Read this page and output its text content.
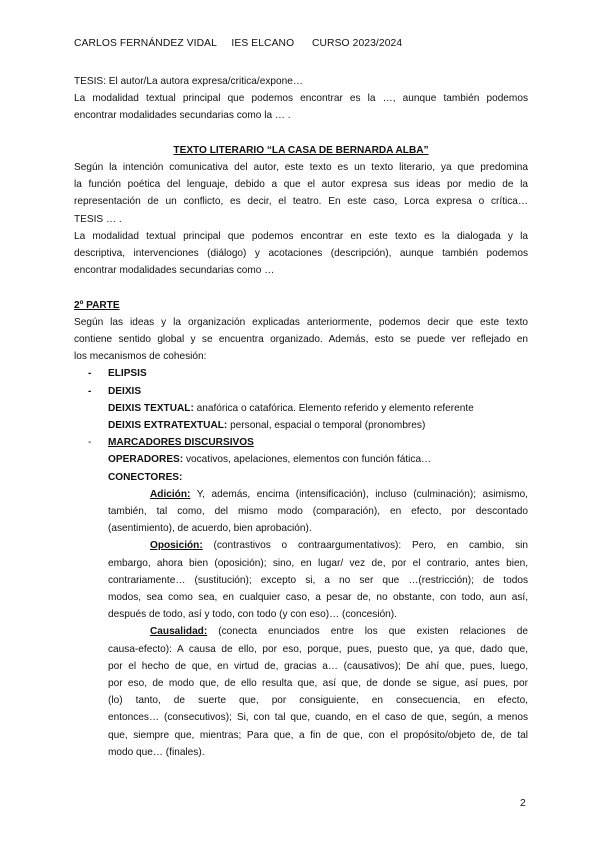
CARLOS FERNÁNDEZ VIDAL IES ELCANO CURSO 2023/2024

TESIS: El autor/La autora expresa/critica/expone…

La modalidad textual principal que podemos encontrar es la …, aunque también podemos

encontrar modalidades secundarias como la … .

TEXTO LITERARIO “LA CASA DE BERNARDA ALBA”

Según la intención comunicativa del autor, este texto es un texto literario, ya que predomina

la función poética del lenguaje, debido a que el autor expresa sus ideas por medio de la

representación de un conflicto, es decir, el teatro. En este caso, Lorca expresa o crítica…

TESIS … .

La modalidad textual principal que podemos encontrar en este texto es la dialogada y la

descriptiva, intervenciones (diálogo) y acotaciones (descripción), aunque también podemos

encontrar modalidades secundarias como …

2º PARTE

Según las ideas y la organización explicadas anteriormente, podemos decir que este texto

contiene sentido global y se encuentra organizado. Además, esto se puede ver reflejado en

los mecanismos de cohesión:

- ELIPSIS

- DEIXIS

DEIXIS TEXTUAL: anafórica o catafórica. Elemento referido y elemento referente

DEIXIS EXTRATEXTUAL: personal, espacial o temporal (pronombres)

- MARCADORES DISCURSIVOS

OPERADORES: vocativos, apelaciones, elementos con función fática…

CONECTORES:

Adición: Y, además, encima (intensificación), incluso (culminación); asimismo,

también, tal como, del mismo modo (comparación), en efecto, por descontado

(asentimiento), de acuerdo, bien aprobación).

Oposición: (contrastivos o contraargumentativos): Pero, en cambio, sin

embargo, ahora bien (oposición); sino, en lugar/ vez de, por el contrario, antes bien,

contrariamente… (sustitución); excepto si, a no ser que …(restricción); de todos

modos, sea como sea, en cualquier caso, a pesar de, no obstante, con todo, aun así,

después de todo, así y todo, con todo (y con eso)… (concesión).

Causalidad: (conecta enunciados entre los que existen relaciones de

causa-efecto): A causa de ello, por eso, porque, pues, puesto que, ya que, dado que,

por el hecho de que, en virtud de, gracias a… (causativos); De ahí que, pues, luego,

por eso, de modo que, de ello resulta que, así que, de donde se sigue, así pues, por

(lo) tanto, de suerte que, por consiguiente, en consecuencia, en efecto,

entonces… (consecutivos); Si, con tal que, cuando, en el caso de que, según, a menos

que, siempre que, mientras; Para que, a fin de que, con el propósito/objeto de, de tal

modo que… (finales).

2
